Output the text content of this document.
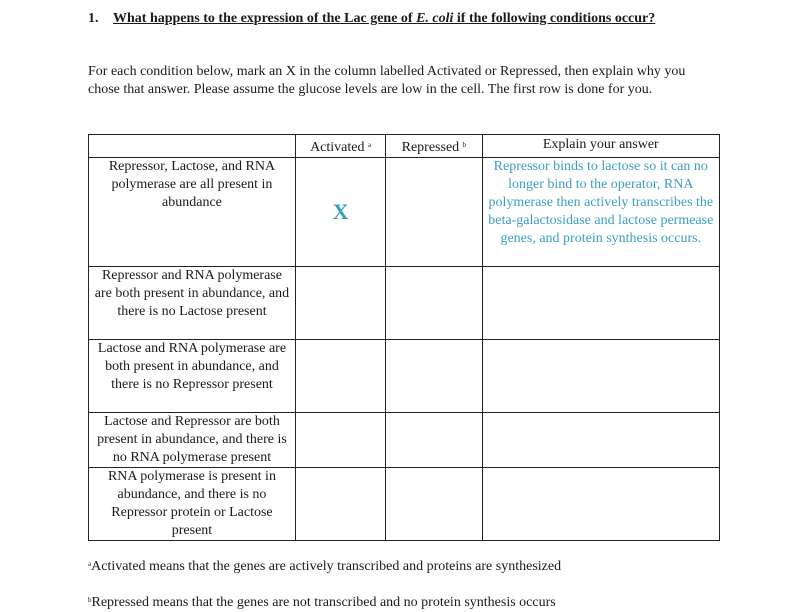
1. What happens to the expression of the Lac gene of E. coli if the following conditions occur?
For each condition below, mark an X in the column labelled Activated or Repressed, then explain why you chose that answer. Please assume the glucose levels are low in the cell. The first row is done for you.
	Activated $^a$	Repressed $^b$	Explain your answer
Repressor, Lactose, and RNA polymerase are all present in abundance	X		Repressor binds to lactose so it can no longer bind to the operator, RNA polymerase then actively transcribes the beta-galactosidase and lactose permease genes, and protein synthesis occurs.
Repressor and RNA polymerase are both present in abundance, and there is no Lactose present			
Lactose and RNA polymerase are both present in abundance, and there is no Repressor present			
Lactose and Repressor are both present in abundance, and there is no RNA polymerase present			
RNA polymerase is present in abundance, and there is no Repressor protein or Lactose present			
$^a$Activated means that the genes are actively transcribed and proteins are synthesized
$^b$Repressed means that the genes are not transcribed and no protein synthesis occurs
